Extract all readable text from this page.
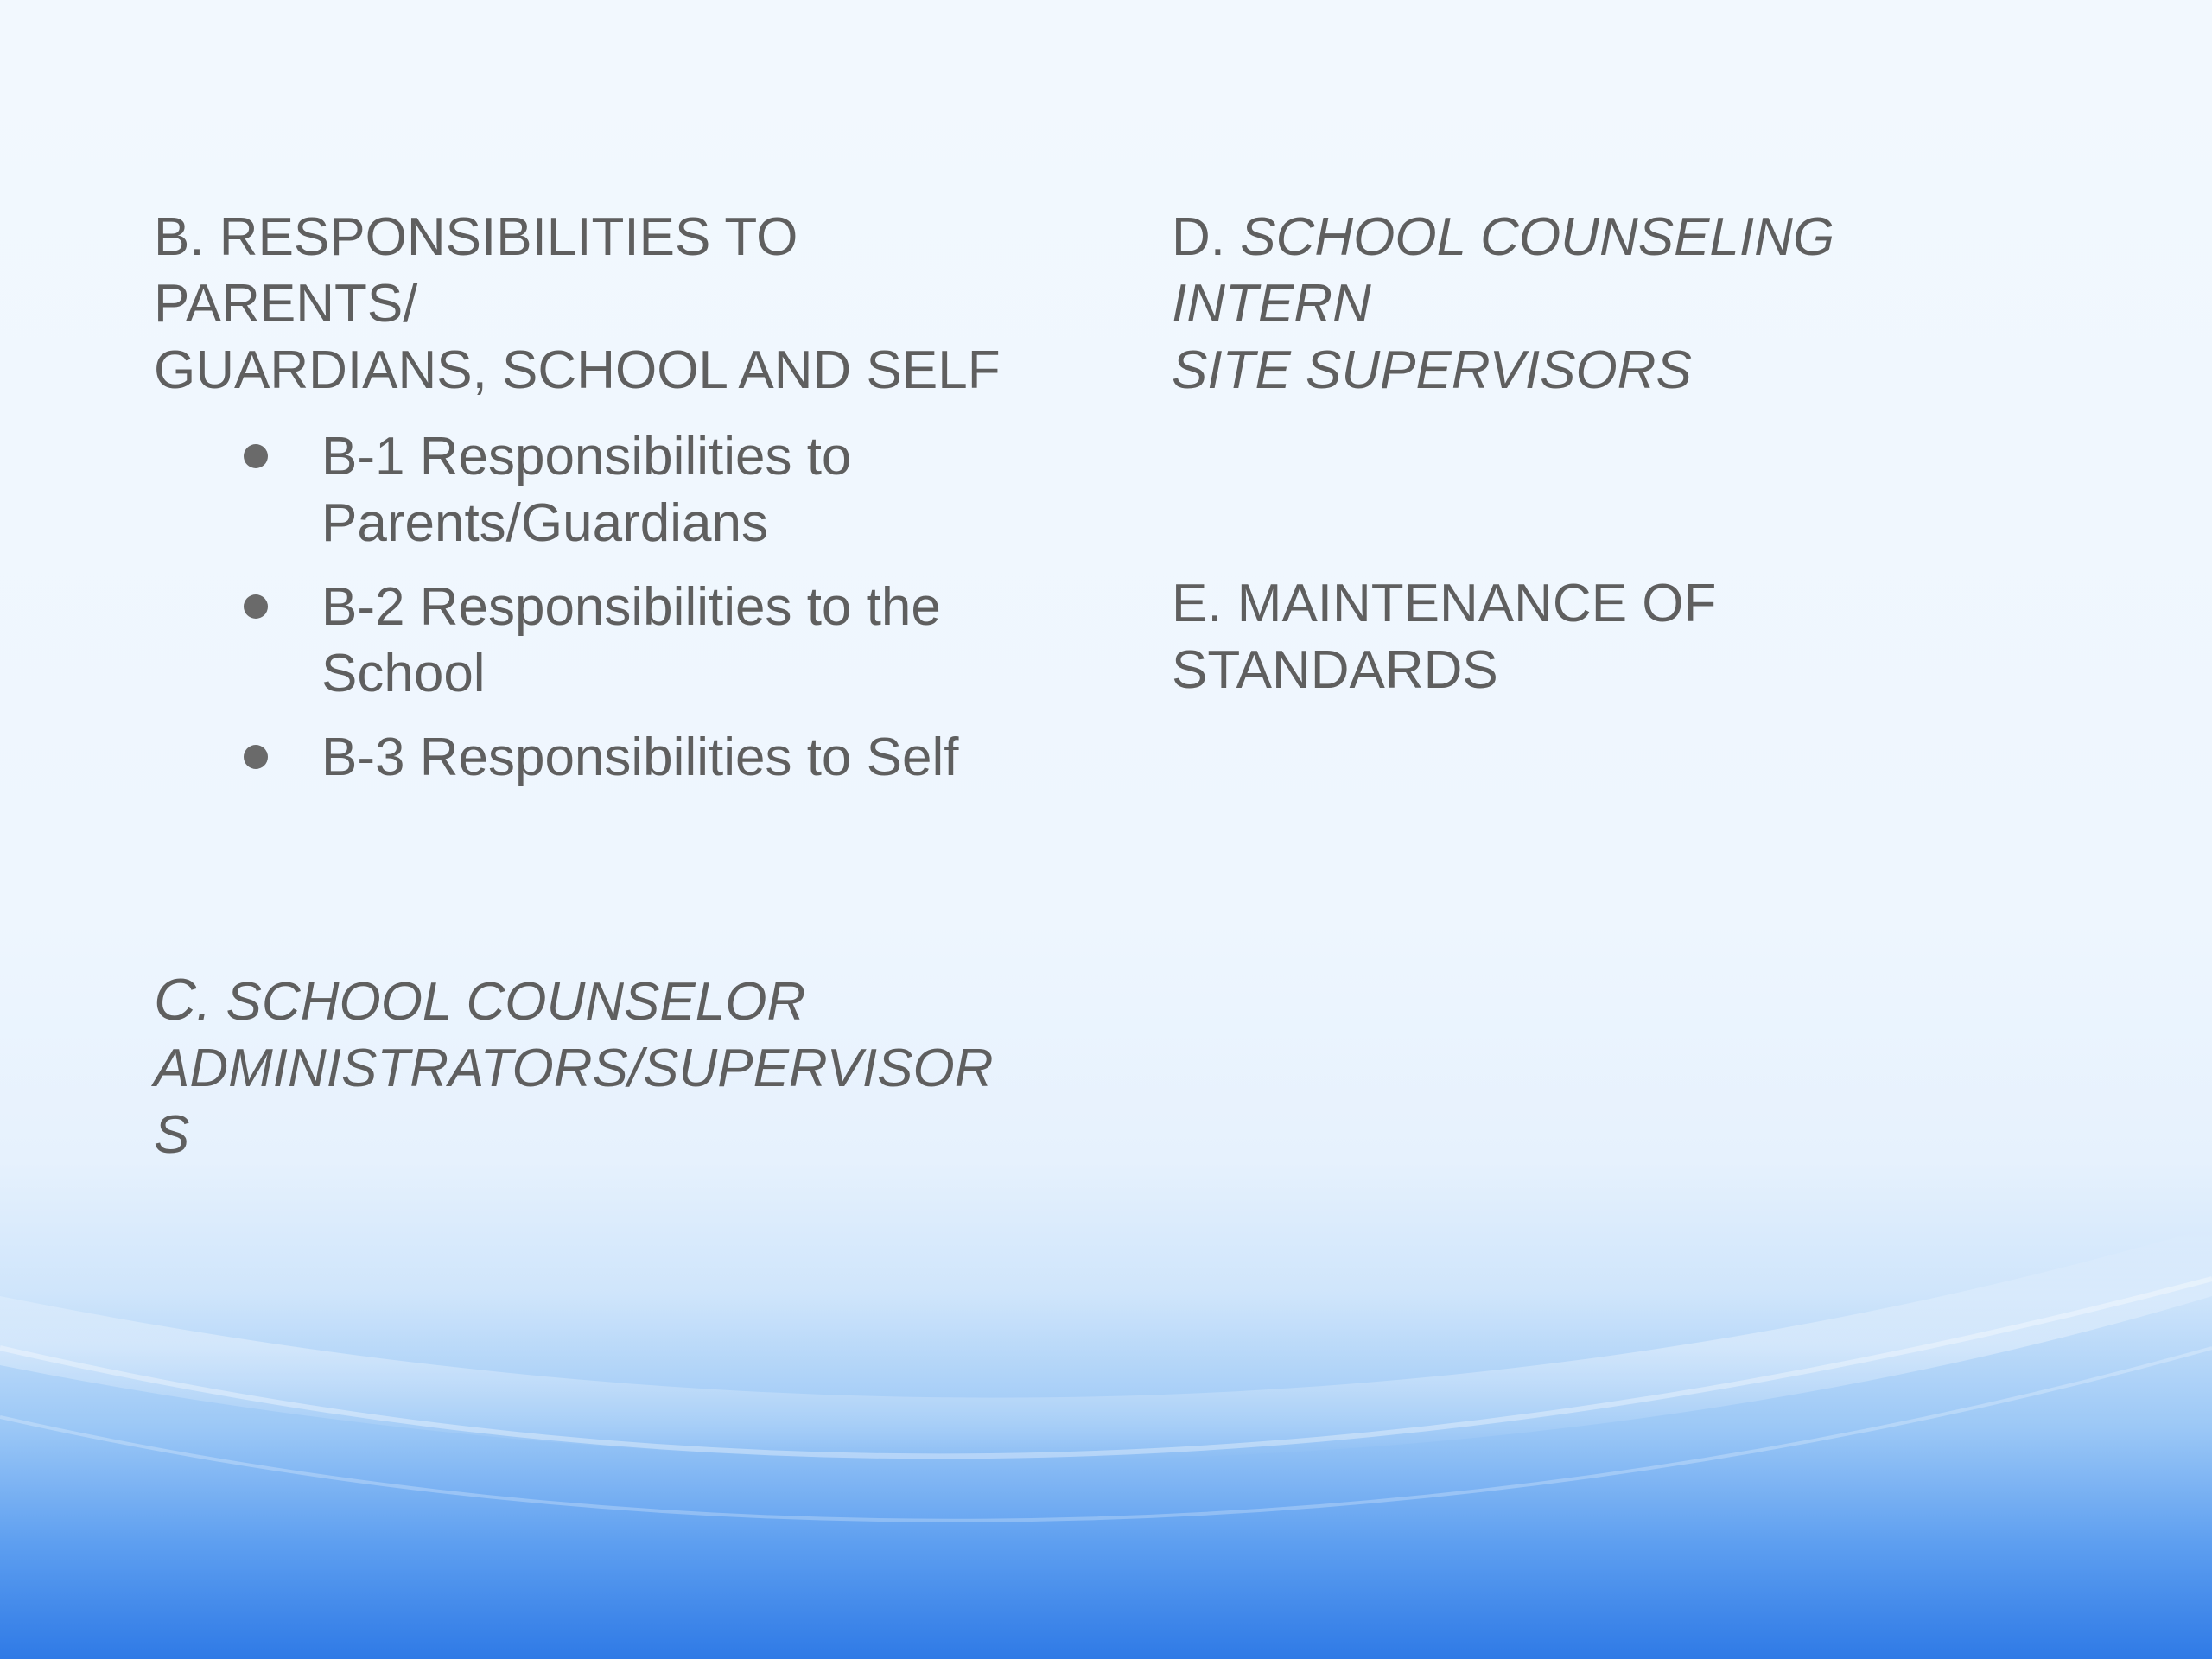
B. RESPONSIBILITIES TO
PARENTS/
GUARDIANS, SCHOOL AND SELF
B-1 Responsibilities to
Parents/Guardians
B-2 Responsibilities to the
School
B-3 Responsibilities to Self
C. SCHOOL COUNSELOR
ADMINISTRATORS/SUPERVISOR
S
D. SCHOOL COUNSELING
INTERN
SITE SUPERVISORS
E. MAINTENANCE OF
STANDARDS
